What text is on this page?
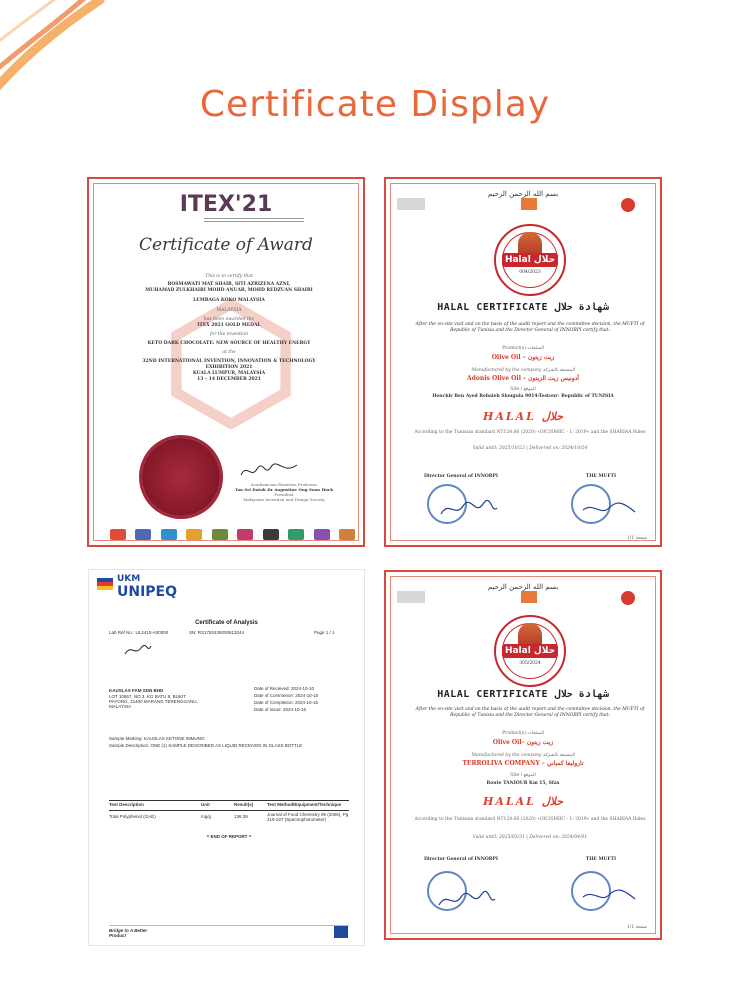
Certificate Display
ITEX'21
Certificate of Award

This is to certify that

ROSMAWATI MAT SHAIR, SITI AZRIZENA AZNI,

MUHAMAD ZULKHAIRI MOHD ANUAR, MOHD REDZUAN SHAIRI

LEMBAGA KOKO MALAYSIA

MALAYSIA

has been awarded the

ITEX 2021 GOLD MEDAL

for the invention

KETO DARK CHOCOLATE: NEW SOURCE OF HEALTHY ENERGY

at the

32ND INTERNATIONAL INVENTION, INNOVATION & TECHNOLOGY

EXHIBITION 2021

KUALA LUMPUR, MALAYSIA

13 – 14 DECEMBER 2021

Academician Emeritus Professor

Tan Sri Datuk Dr Augustine Ong Soon Hock

President

Malaysian Invention and Design Society

بسم الله الرحمن الرحيم

Halal حلال

004/2023

HALAL CERTIFICATE شهادة حلال

After the on-site visit and on the basis of the audit report and the committee decision, the MUFTI of Republic of Tunisia and the Director General of INNORPI certify that:

Product(s) المنتجات

Olive Oil – زيت زيتون

Manufactured by the company المصنعة بالشركة

Adonis Olive Oil – أدونيس زيت الزيتون

Site / الموقع

Henchir Ben Ayed Rebaieb Slougula 9014-Testour- Republic of TUNISIA

HALAL حلال

According to the Tunisian standard NT124.66 (2020) «OIC/SMIIC - 1: 2019» and the SHARIAA Rules

Valid until: 2025/10/23 | Delivered on: 2024/10/24

Director General of INNORPI	THE MUFTI

صفحة 1/1

UKM
UNIPEQ

Certificate of Analysis

Lab Ref No.: UL2410-A00000	SN: RS1782435000613244	Page 1 / 1

KAUSLAS FAM SDN BHD

LOT 10657, NO 3, KG BATU 8, BUKIT PAYONG, 21400 MARANG TERENGGANU, MALAYSIA

Date of Received: 2024-10-10

Date of Commence: 2024-10-10

Date of Completion: 2024-10-15

Date of Issue: 2024-10-16

Sample Marking: KAUSLAS KETONE IMMUNO

Sample Description: ONE (1) SAMPLE DESCRIBED AS LIQUID RECEIVED IN GLASS BOTTLE

Test Description	Unit	Result(s)	Test Method/Equipment/Technique

Total Polyphenol (GAE)	mg/g	136.39	Journal of Food Chemistry 95 (2006), Pg 219-227 (Spectrophotometer)

= END OF REPORT =

Bridge to A Better Product

بسم الله الرحمن الرحيم

Halal حلال

305/2024

HALAL CERTIFICATE شهادة حلال

After the on-site visit and on the basis of the audit report and the committee decision, the MUFTI of Republic of Tunisia and the Director General of INNORPI certify that:

Product(s) المنتجات

Olive Oil– زيت زيتون

Manufactured by the company المصنعة بالشركة

TERROLIVA COMPANY – تاروليفا كمباني

Site / الموقع

Route TANIOUR Km 15, Sfax

HALAL حلال

According to the Tunisian standard NT124.66 (2020) «OIC/SMIIC - 1: 2019» and the SHARIAA Rules

Valid until: 2025/03/31 | Delivered on: 2024/04/01

Director General of INNORPI	THE MUFTI

صفحة 1/1
